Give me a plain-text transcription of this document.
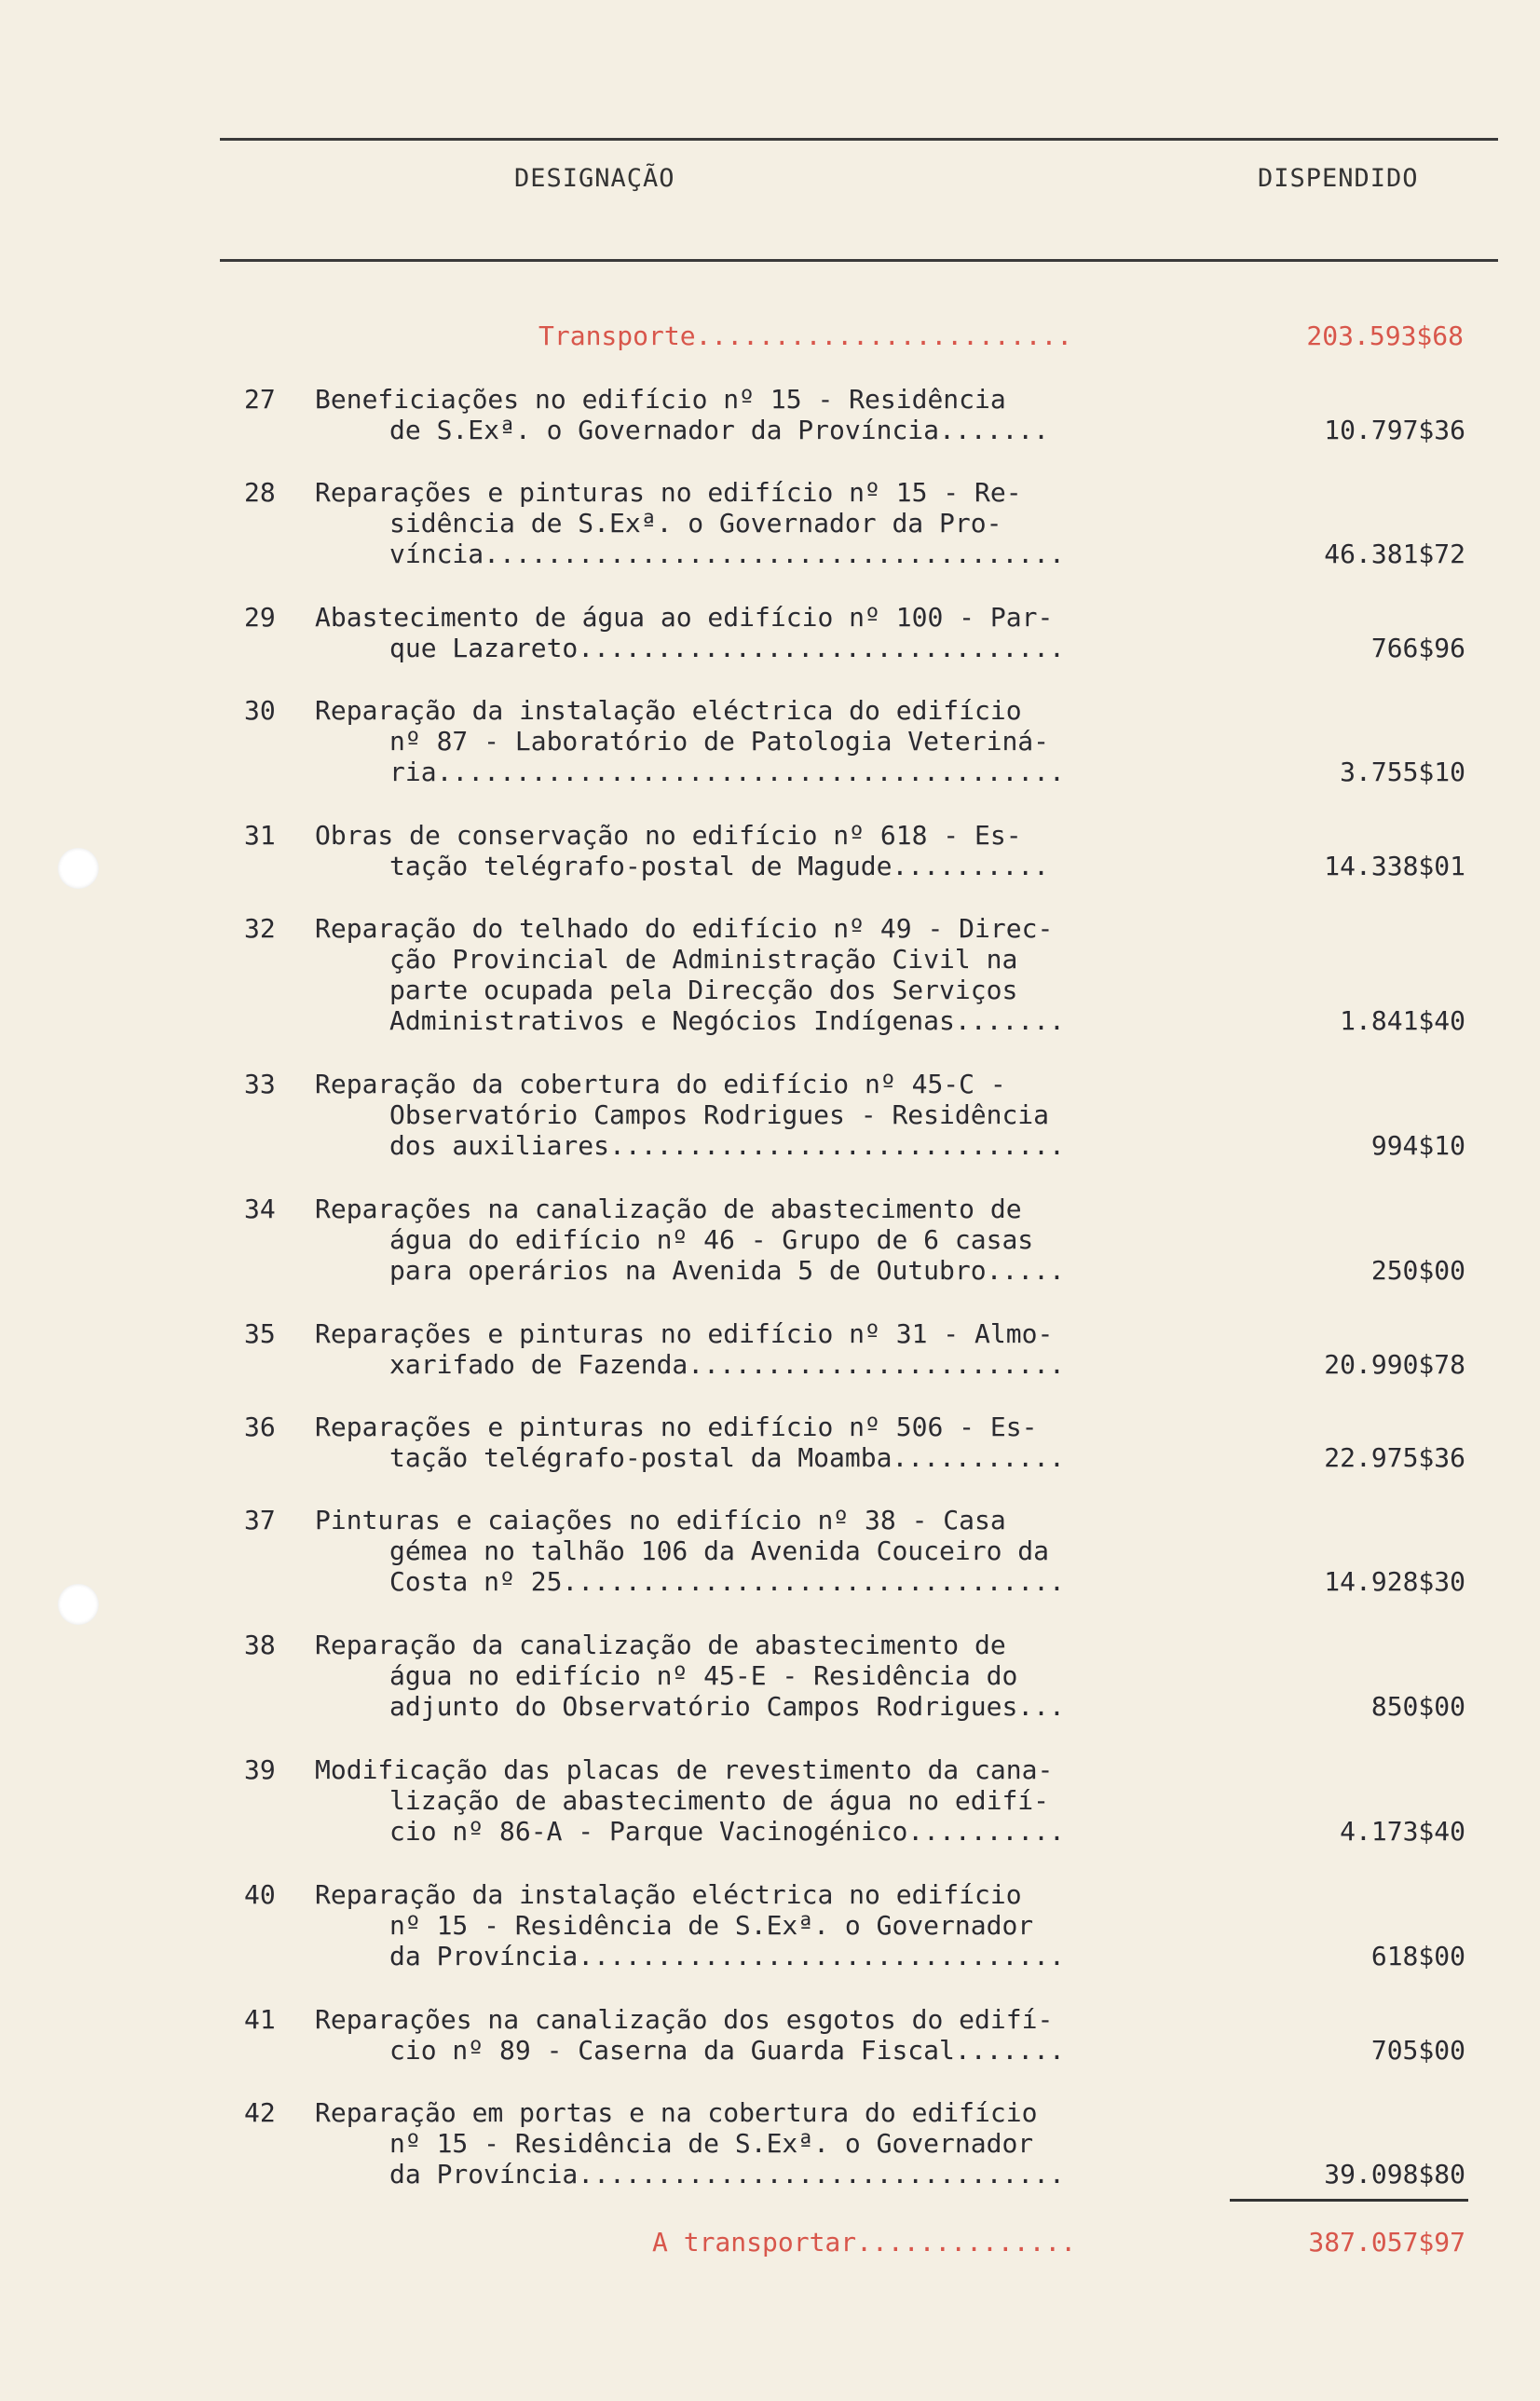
DESIGNAÇÃO	DISPENDIDO
Transporte........................	203.593$68
27 Beneficiações no edifício nº 15 - Residência
de S.Exª. o Governador da Província.......	10.797$36
28 Reparações e pinturas no edifício nº 15 - Re-
sidência de S.Exª. o Governador da Pro-
víncia.....................................	46.381$72
29 Abastecimento de água ao edifício nº 100 - Par-
que Lazareto...............................	766$96
30 Reparação da instalação eléctrica do edifício
nº 87 - Laboratório de Patologia Veteriná-
ria........................................	3.755$10
31 Obras de conservação no edifício nº 618 - Es-
tação telégrafo-postal de Magude..........	14.338$01
32 Reparação do telhado do edifício nº 49 - Direc-
ção Provincial de Administração Civil na
parte ocupada pela Direcção dos Serviços
Administrativos e Negócios Indígenas.......	1.841$40
33 Reparação da cobertura do edifício nº 45-C -
Observatório Campos Rodrigues - Residência
dos auxiliares.............................	994$10
34 Reparações na canalização de abastecimento de
água do edifício nº 46 - Grupo de 6 casas
para operários na Avenida 5 de Outubro.....	250$00
35 Reparações e pinturas no edifício nº 31 - Almo-
xarifado de Fazenda........................	20.990$78
36 Reparações e pinturas no edifício nº 506 - Es-
tação telégrafo-postal da Moamba...........	22.975$36
37 Pinturas e caiações no edifício nº 38 - Casa
gémea no talhão 106 da Avenida Couceiro da
Costa nº 25................................	14.928$30
38 Reparação da canalização de abastecimento de
água no edifício nº 45-E - Residência do
adjunto do Observatório Campos Rodrigues...	850$00
39 Modificação das placas de revestimento da cana-
lização de abastecimento de água no edifí-
cio nº 86-A - Parque Vacinogénico..........	4.173$40
40 Reparação da instalação eléctrica no edifício
nº 15 - Residência de S.Exª. o Governador
da Província...............................	618$00
41 Reparações na canalização dos esgotos do edifí-
cio nº 89 - Caserna da Guarda Fiscal.......	705$00
42 Reparação em portas e na cobertura do edifício
nº 15 - Residência de S.Exª. o Governador
da Província...............................	39.098$80
A transportar..............	387.057$97
